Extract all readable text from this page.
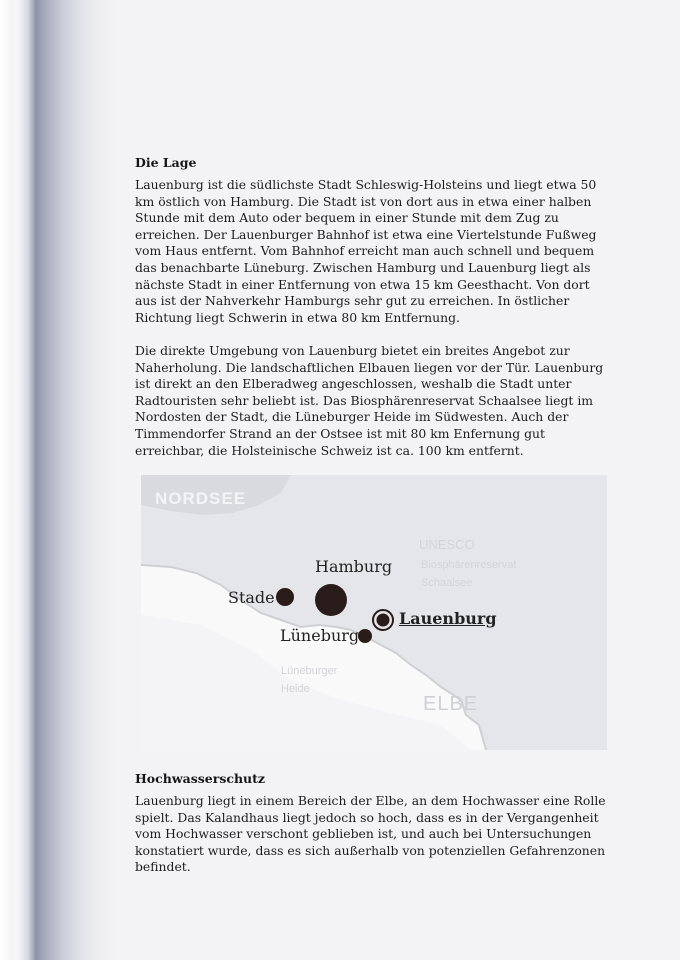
Die Lage

Lauenburg ist die südlichste Stadt Schleswig-Holsteins und liegt etwa 50 km östlich von Hamburg. Die Stadt ist von dort aus in etwa einer halben Stunde mit dem Auto oder bequem in einer Stunde mit dem Zug zu erreichen. Der Lauenburger Bahnhof ist etwa eine Viertelstunde Fußweg vom Haus entfernt. Vom Bahnhof erreicht man auch schnell und bequem das benachbarte Lüneburg. Zwischen Hamburg und Lauenburg liegt als nächste Stadt in einer Entfernung von etwa 15 km Geesthacht. Von dort aus ist der Nahverkehr Hamburgs sehr gut zu erreichen. In östlicher Richtung liegt Schwerin in etwa 80 km Entfernung.

Die direkte Umgebung von Lauenburg bietet ein breites Angebot zur Naherholung. Die landschaftlichen Elbauen liegen vor der Tür. Lauenburg ist direkt an den Elberadweg angeschlossen, weshalb die Stadt unter Radtouristen sehr beliebt ist. Das Biosphärenreservat Schaalsee liegt im Nordosten der Stadt, die Lüneburger Heide im Südwesten. Auch der Timmendorfer Strand an der Ostsee ist mit 80 km Enfernung gut erreichbar, die Holsteinische Schweiz ist ca. 100 km entfernt.

NORDSEE
UNESCO
Biosphärenreservat
Schaalsee
Lüneburger
Heide
ELBE
Hamburg
Stade
Lüneburg
Lauenburg
Hochwasserschutz

Lauenburg liegt in einem Bereich der Elbe, an dem Hochwasser eine Rolle spielt. Das Kalandhaus liegt jedoch so hoch, dass es in der Vergangenheit vom Hochwasser verschont geblieben ist, und auch bei Untersuchungen konstatiert wurde, dass es sich außerhalb von potenziellen Gefahrenzonen befindet.
